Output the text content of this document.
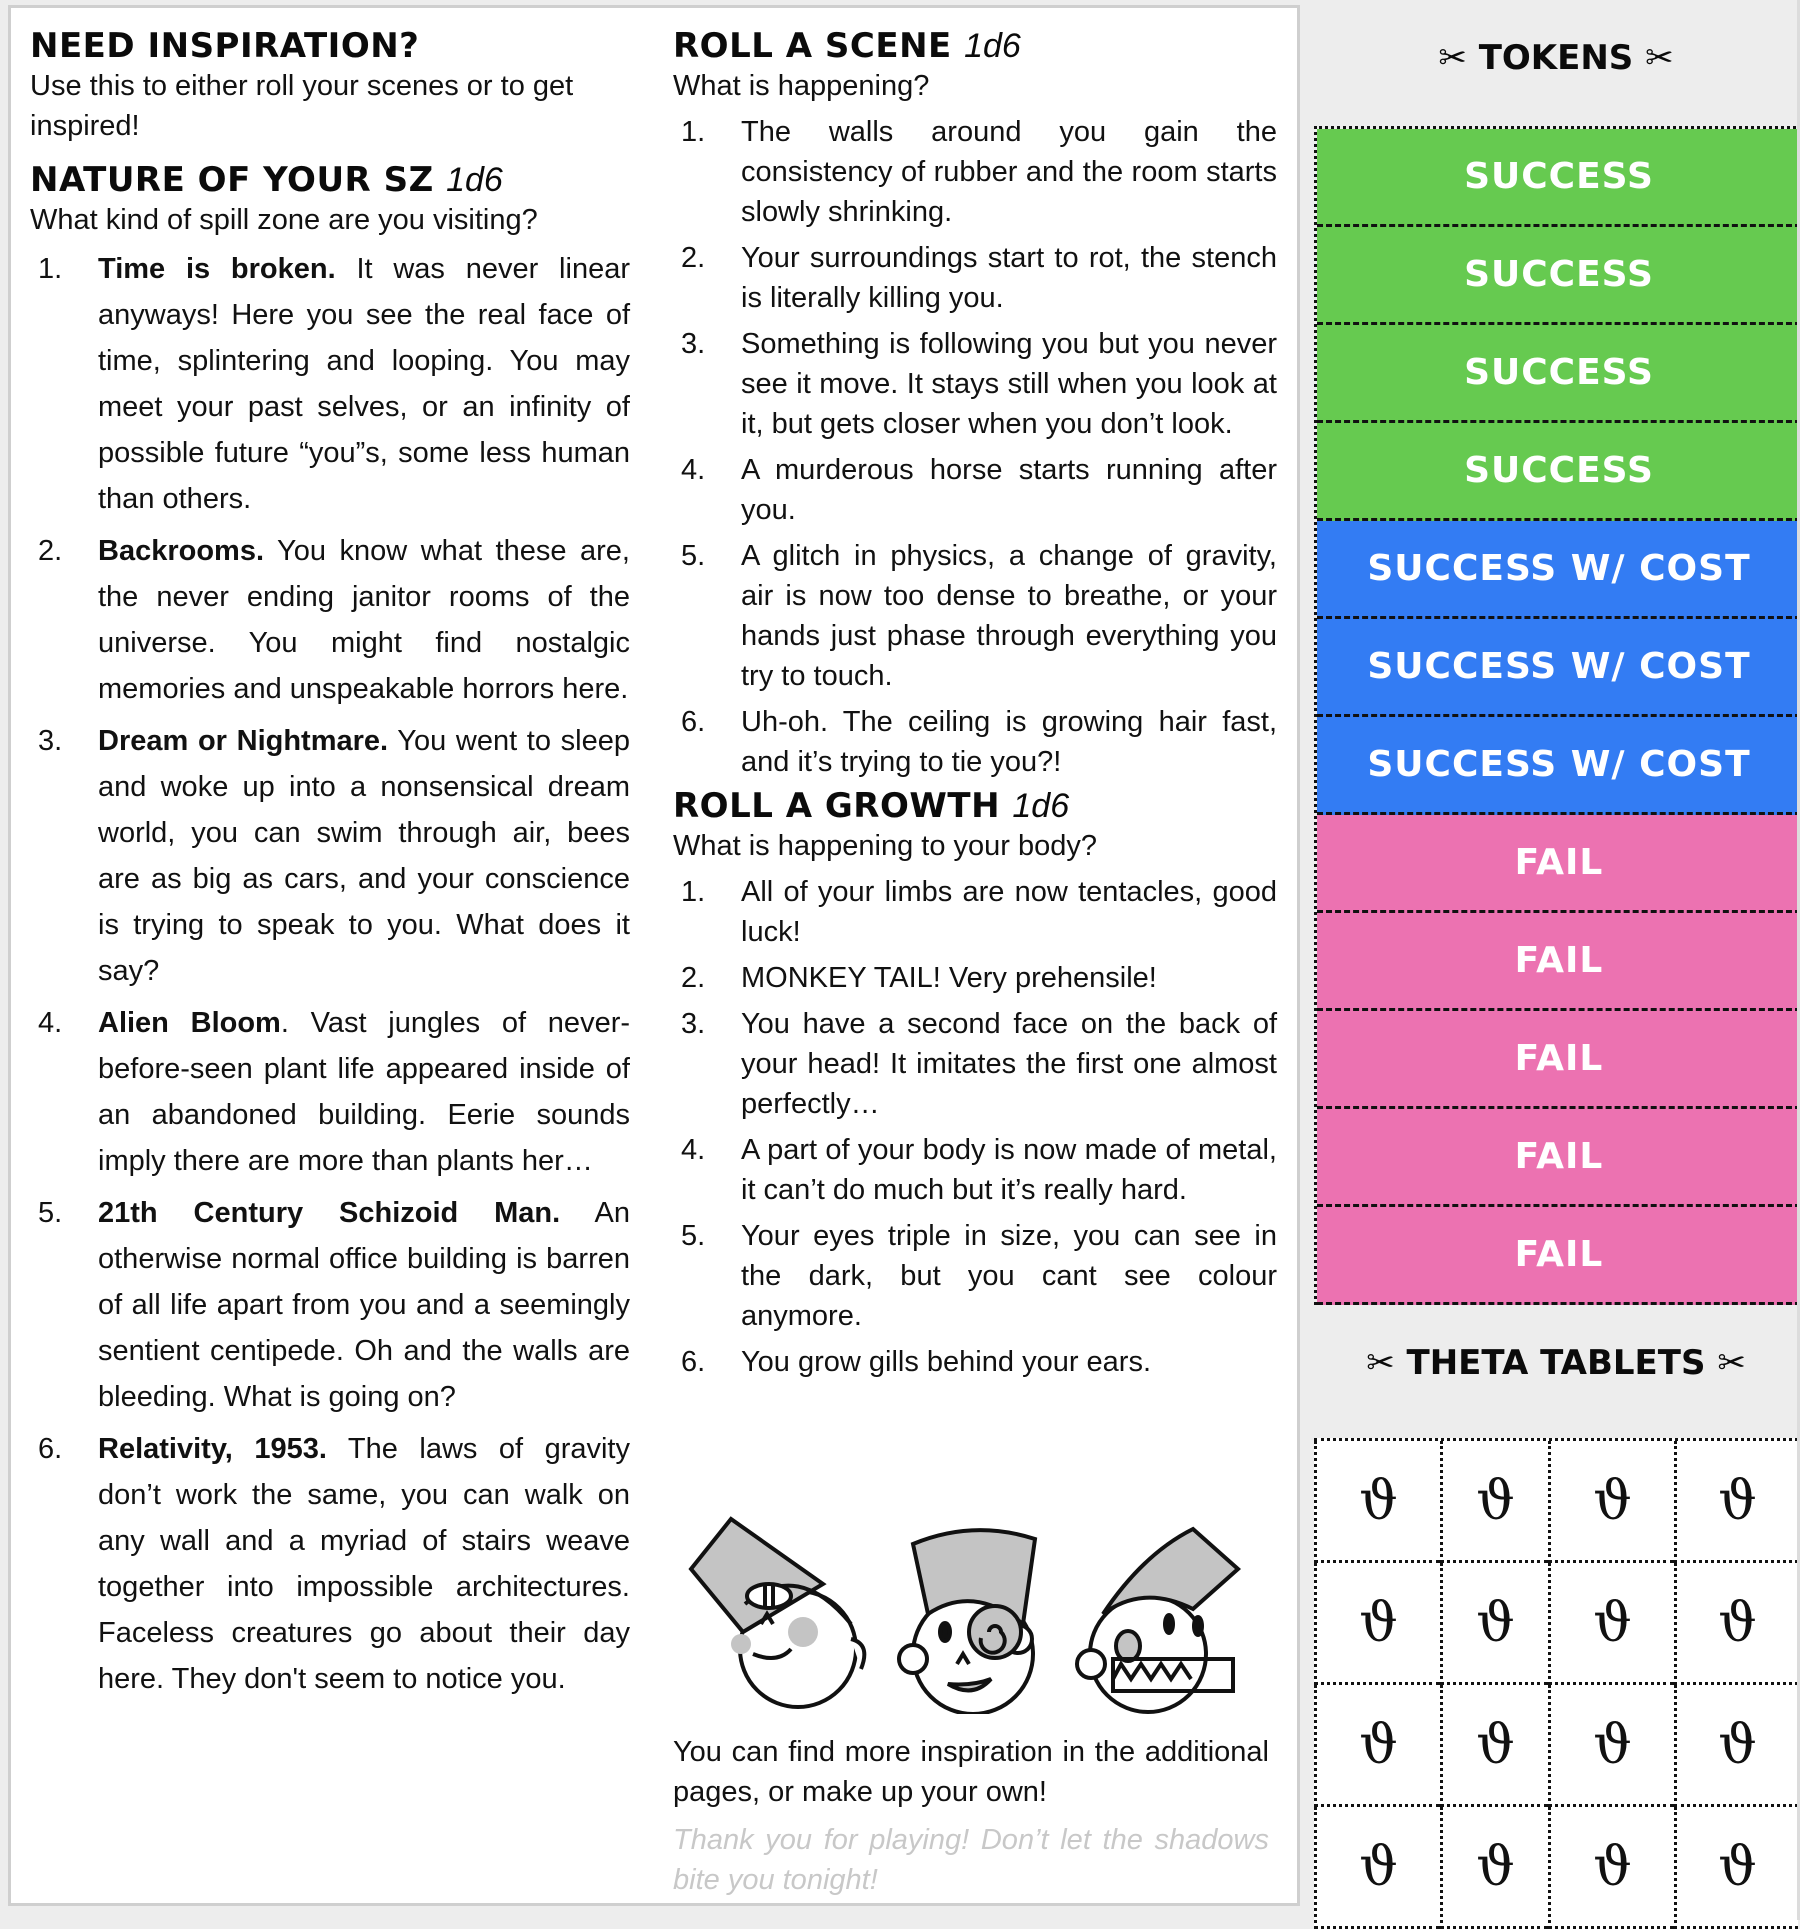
NEED INSPIRATION?

Use this to either roll your scenes or to get inspired!

NATURE OF YOUR SZ 1d6

What kind of spill zone are you visiting?

1. Time is broken. It was never linear anyways! Here you see the real face of time, splintering and looping. You may meet your past selves, or an infinity of possible future “you”s, some less human than others.
2. Backrooms. You know what these are, the never ending janitor rooms of the universe. You might find nostalgic memories and unspeakable horrors here.
3. Dream or Nightmare. You went to sleep and woke up into a nonsensical dream world, you can swim through air, bees are as big as cars, and your conscience is trying to speak to you. What does it say?
4. Alien Bloom. Vast jungles of never-before-seen plant life appeared inside of an abandoned building. Eerie sounds imply there are more than plants her…
5. 21th Century Schizoid Man. An otherwise normal office building is barren of all life apart from you and a seemingly sentient centipede. Oh and the walls are bleeding. What is going on?
6. Relativity, 1953. The laws of gravity don’t work the same, you can walk on any wall and a myriad of stairs weave together into impossible architectures. Faceless creatures go about their day here. They don't seem to notice you.
ROLL A SCENE 1d6

What is happening?

1. The walls around you gain the consistency of rubber and the room starts slowly shrinking.
2. Your surroundings start to rot, the stench is literally killing you.
3. Something is following you but you never see it move. It stays still when you look at it, but gets closer when you don’t look.
4. A murderous horse starts running after you.
5. A glitch in physics, a change of gravity, air is now too dense to breathe, or your hands just phase through everything you try to touch.
6. Uh-oh. The ceiling is growing hair fast, and it’s trying to tie you?!
ROLL A GROWTH 1d6

What is happening to your body?

1. All of your limbs are now tentacles, good luck!
2. MONKEY TAIL! Very prehensile!
3. You have a second face on the back of your head! It imitates the first one almost perfectly…
4. A part of your body is now made of metal, it can’t do much but it’s really hard.
5. Your eyes triple in size, you can see in the dark, but you cant see colour anymore.
6. You grow gills behind your ears.

You can find more inspiration in the additional pages, or make up your own!

Thank you for playing! Don’t let the shadows bite you tonight!

✂ TOKENS ✂
SUCCESS
SUCCESS
SUCCESS
SUCCESS
SUCCESS W/ COST
SUCCESS W/ COST
SUCCESS W/ COST
FAIL
FAIL
FAIL
FAIL
FAIL
✂ THETA TABLETS ✂
ϑ	ϑ	ϑ	ϑ
ϑ	ϑ	ϑ	ϑ
ϑ	ϑ	ϑ	ϑ
ϑ	ϑ	ϑ	ϑ
